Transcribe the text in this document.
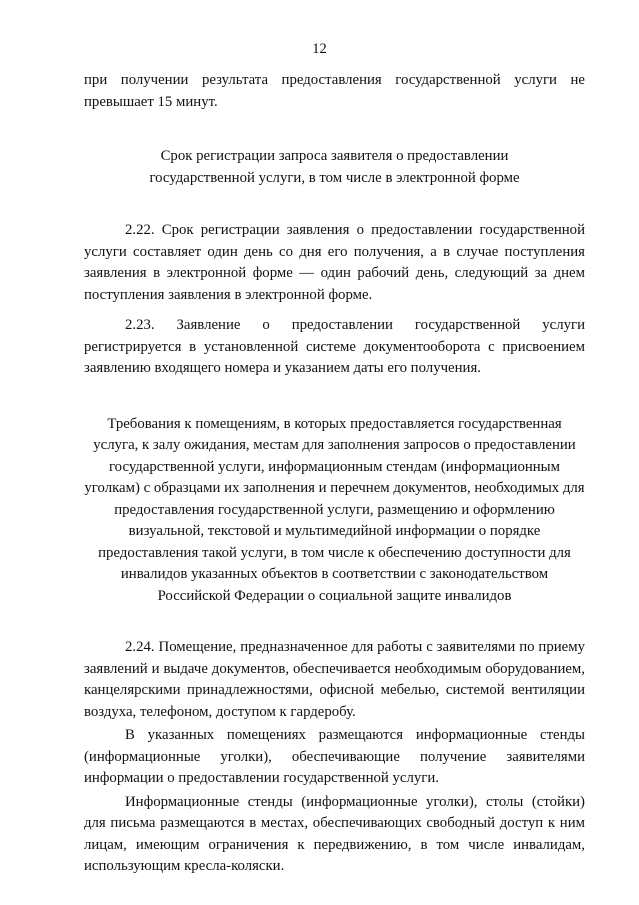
12

при получении результата предоставления государственной услуги не превышает 15 минут.

Срок регистрации запроса заявителя о предоставлении государственной услуги, в том числе в электронной форме

2.22. Срок регистрации заявления о предоставлении государственной услуги составляет один день со дня его получения, а в случае поступления заявления в электронной форме — один рабочий день, следующий за днем поступления заявления в электронной форме.

2.23. Заявление о предоставлении государственной услуги регистрируется в установленной системе документооборота с присвоением заявлению входящего номера и указанием даты его получения.

Требования к помещениям, в которых предоставляется государственная услуга, к залу ожидания, местам для заполнения запросов о предоставлении государственной услуги, информационным стендам (информационным уголкам) с образцами их заполнения и перечнем документов, необходимых для предоставления государственной услуги, размещению и оформлению визуальной, текстовой и мультимедийной информации о порядке предоставления такой услуги, в том числе к обеспечению доступности для инвалидов указанных объектов в соответствии с законодательством Российской Федерации о социальной защите инвалидов

2.24. Помещение, предназначенное для работы с заявителями по приему заявлений и выдаче документов, обеспечивается необходимым оборудованием, канцелярскими принадлежностями, офисной мебелью, системой вентиляции воздуха, телефоном, доступом к гардеробу.

В указанных помещениях размещаются информационные стенды (информационные уголки), обеспечивающие получение заявителями информации о предоставлении государственной услуги.

Информационные стенды (информационные уголки), столы (стойки) для письма размещаются в местах, обеспечивающих свободный доступ к ним лицам, имеющим ограничения к передвижению, в том числе инвалидам, использующим кресла-коляски.
